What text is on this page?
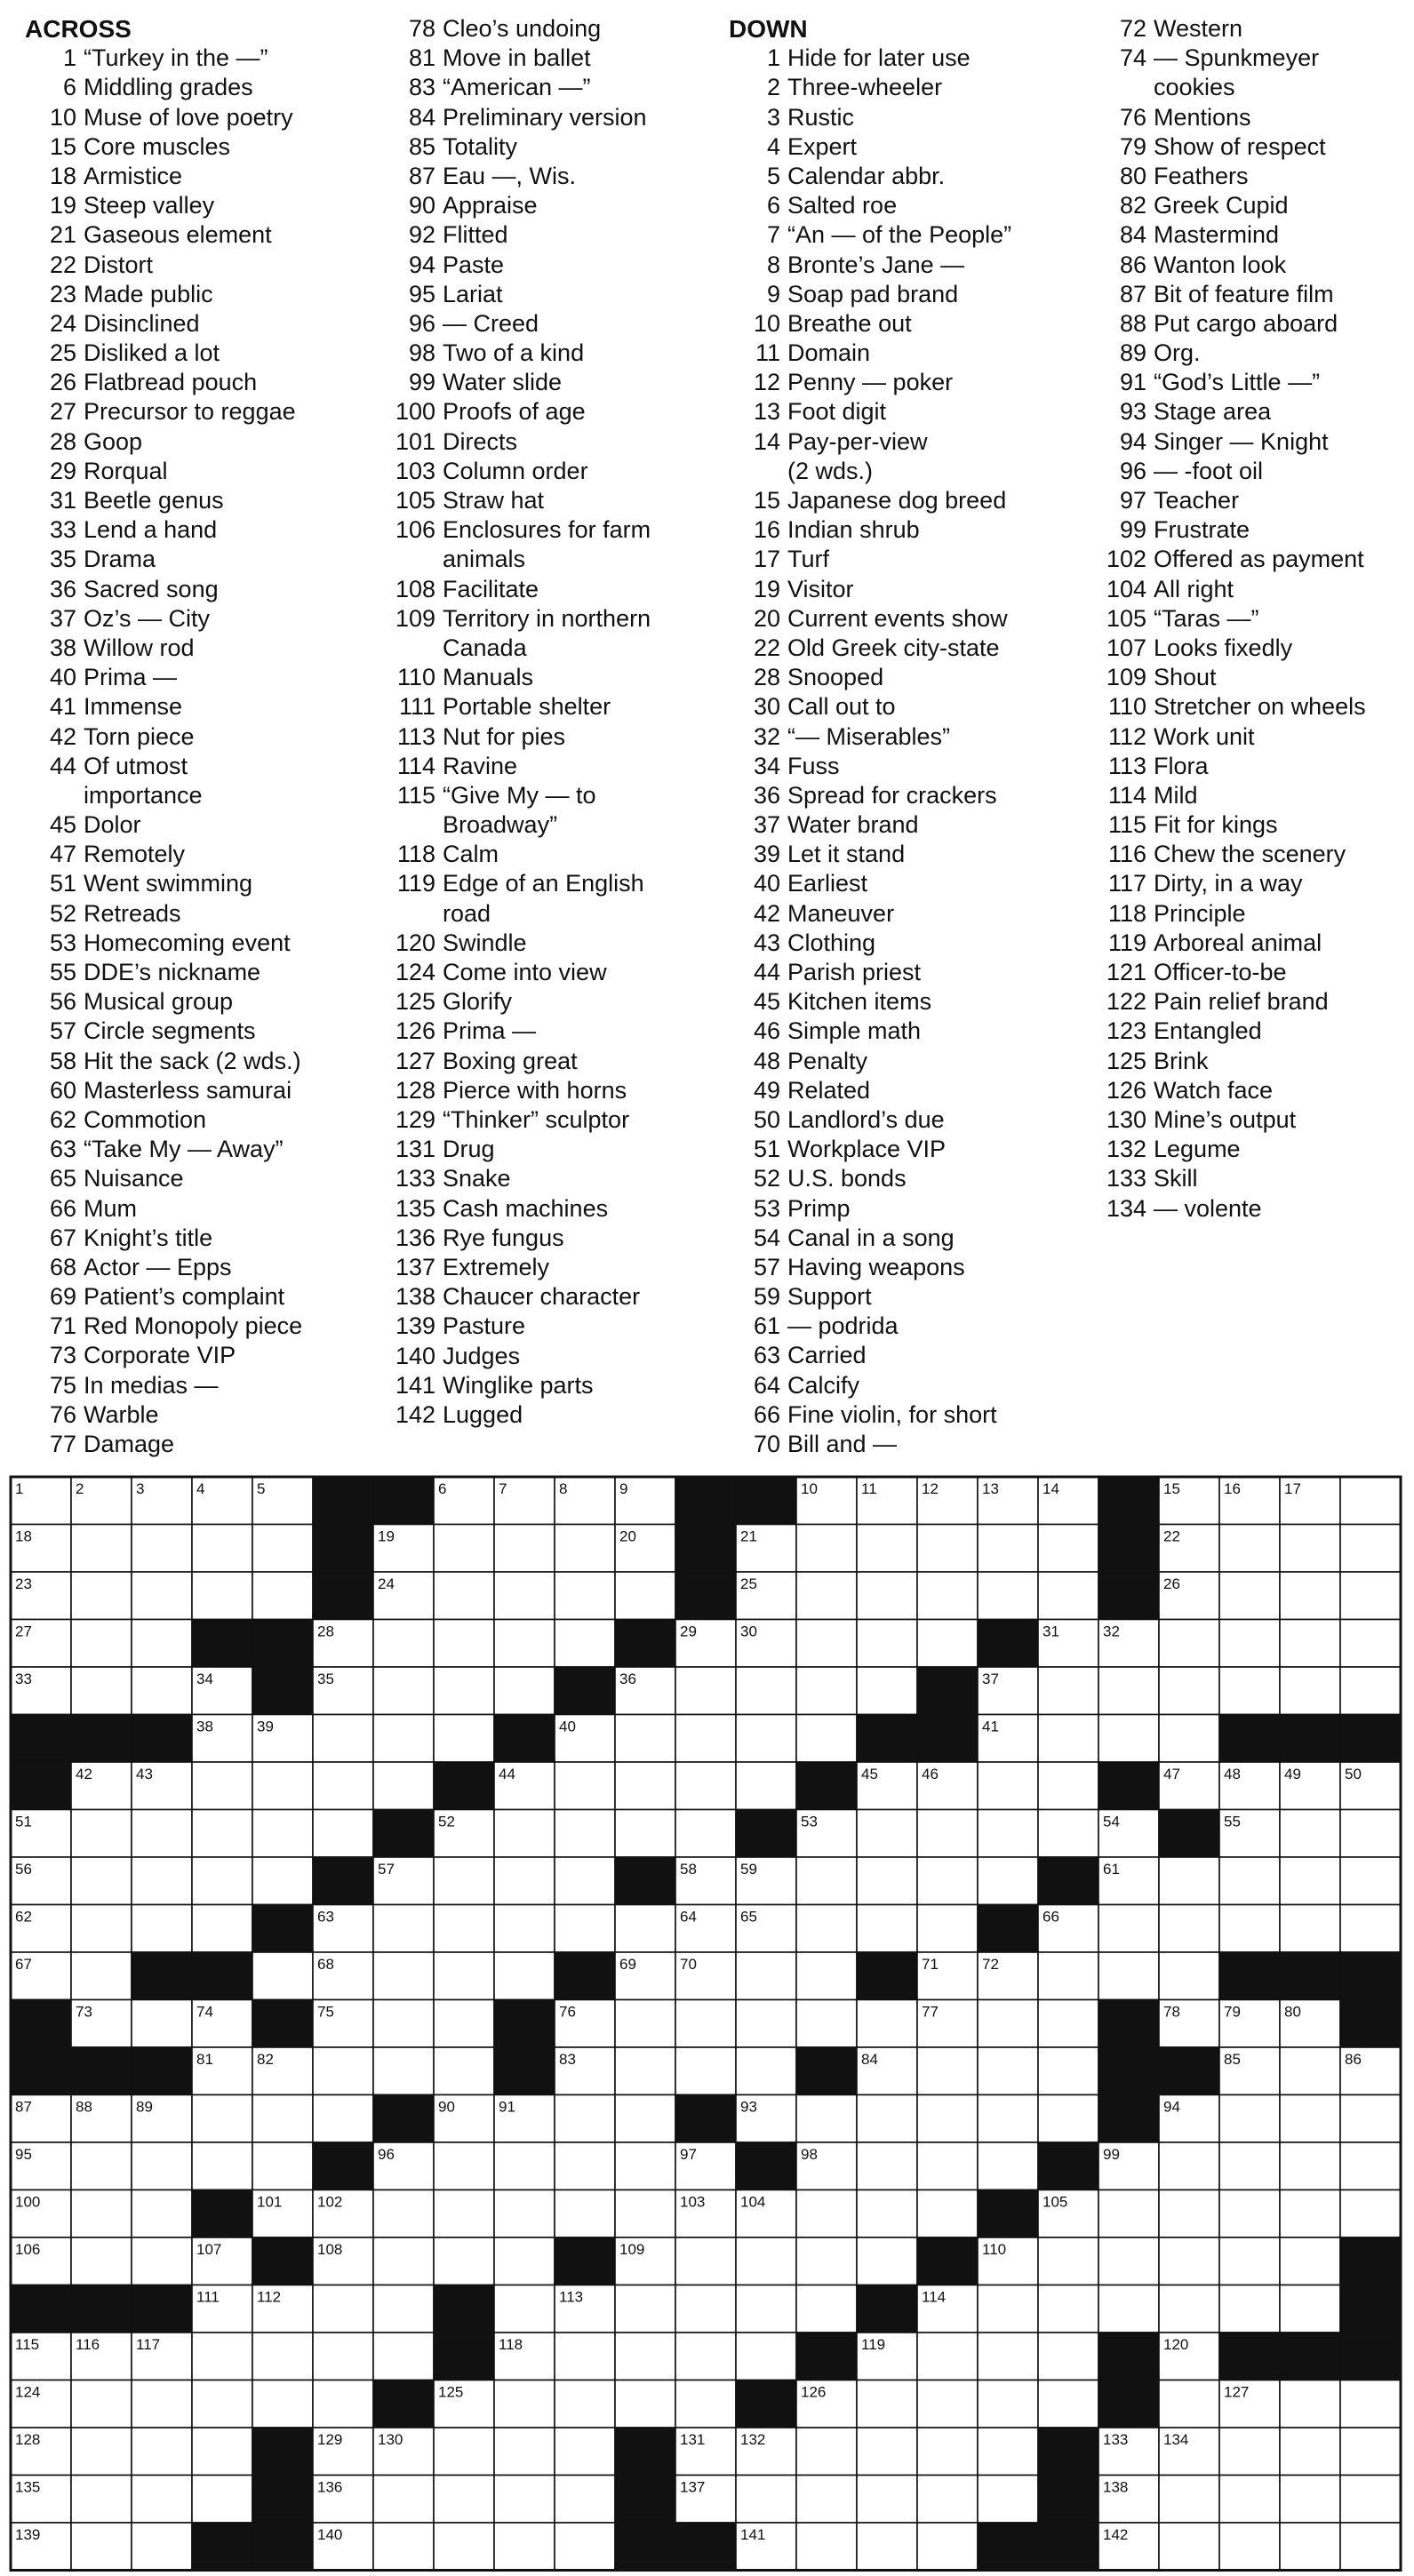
ACROSS
1 “Turkey in the —”
6 Middling grades
10 Muse of love poetry
15 Core muscles
18 Armistice
19 Steep valley
21 Gaseous element
22 Distort
23 Made public
24 Disinclined
25 Disliked a lot
26 Flatbread pouch
27 Precursor to reggae
28 Goop
29 Rorqual
31 Beetle genus
33 Lend a hand
35 Drama
36 Sacred song
37 Oz’s — City
38 Willow rod
40 Prima —
41 Immense
42 Torn piece
44 Of utmost
importance
45 Dolor
47 Remotely
51 Went swimming
52 Retreads
53 Homecoming event
55 DDE’s nickname
56 Musical group
57 Circle segments
58 Hit the sack (2 wds.)
60 Masterless samurai
62 Commotion
63 “Take My — Away”
65 Nuisance
66 Mum
67 Knight’s title
68 Actor — Epps
69 Patient’s complaint
71 Red Monopoly piece
73 Corporate VIP
75 In medias —
76 Warble
77 Damage
78 Cleo’s undoing
81 Move in ballet
83 “American —”
84 Preliminary version
85 Totality
87 Eau —, Wis.
90 Appraise
92 Flitted
94 Paste
95 Lariat
96 — Creed
98 Two of a kind
99 Water slide
100 Proofs of age
101 Directs
103 Column order
105 Straw hat
106 Enclosures for farm
animals
108 Facilitate
109 Territory in northern
Canada
110 Manuals
111 Portable shelter
113 Nut for pies
114 Ravine
115 “Give My — to
Broadway”
118 Calm
119 Edge of an English
road
120 Swindle
124 Come into view
125 Glorify
126 Prima —
127 Boxing great
128 Pierce with horns
129 “Thinker” sculptor
131 Drug
133 Snake
135 Cash machines
136 Rye fungus
137 Extremely
138 Chaucer character
139 Pasture
140 Judges
141 Winglike parts
142 Lugged
DOWN
1 Hide for later use
2 Three-wheeler
3 Rustic
4 Expert
5 Calendar abbr.
6 Salted roe
7 “An — of the People”
8 Bronte’s Jane —
9 Soap pad brand
10 Breathe out
11 Domain
12 Penny — poker
13 Foot digit
14 Pay-per-view
(2 wds.)
15 Japanese dog breed
16 Indian shrub
17 Turf
19 Visitor
20 Current events show
22 Old Greek city-state
28 Snooped
30 Call out to
32 “— Miserables”
34 Fuss
36 Spread for crackers
37 Water brand
39 Let it stand
40 Earliest
42 Maneuver
43 Clothing
44 Parish priest
45 Kitchen items
46 Simple math
48 Penalty
49 Related
50 Landlord’s due
51 Workplace VIP
52 U.S. bonds
53 Primp
54 Canal in a song
57 Having weapons
59 Support
61 — podrida
63 Carried
64 Calcify
66 Fine violin, for short
70 Bill and —
72 Western
74 — Spunkmeyer
cookies
76 Mentions
79 Show of respect
80 Feathers
82 Greek Cupid
84 Mastermind
86 Wanton look
87 Bit of feature film
88 Put cargo aboard
89 Org.
91 “God’s Little —”
93 Stage area
94 Singer — Knight
96 — -foot oil
97 Teacher
99 Frustrate
102 Offered as payment
104 All right
105 “Taras —”
107 Looks fixedly
109 Shout
110 Stretcher on wheels
112 Work unit
113 Flora
114 Mild
115 Fit for kings
116 Chew the scenery
117 Dirty, in a way
118 Principle
119 Arboreal animal
121 Officer-to-be
122 Pain relief brand
123 Entangled
125 Brink
126 Watch face
130 Mine’s output
132 Legume
133 Skill
134 — volente
1	2	3	4	5	6	7	8	9	10	11	12	13	14	15	16	17
18	19	20	21	22
23	24	25	26
27	28	29	30	31	32
33	34	35	36	37
38	39	40	41
42	43	44	45	46	47	48	49	50
51	52	53	54	55
56	57	58	59	61
62	63	64	65	66
67	68	69	70	71	72
73	74	75	76	77	78	79	80
81	82	83	84	85	86
87	88	89	90	91	93	94
95	96	97	98	99
100	101 102	103 104	105
106	107	108	109	110
111 112	113	114
115 116 117	118	119	120
124	125	126	127
128	129 130	131 132	133 134
135	136	137	138
139	140	141	142
